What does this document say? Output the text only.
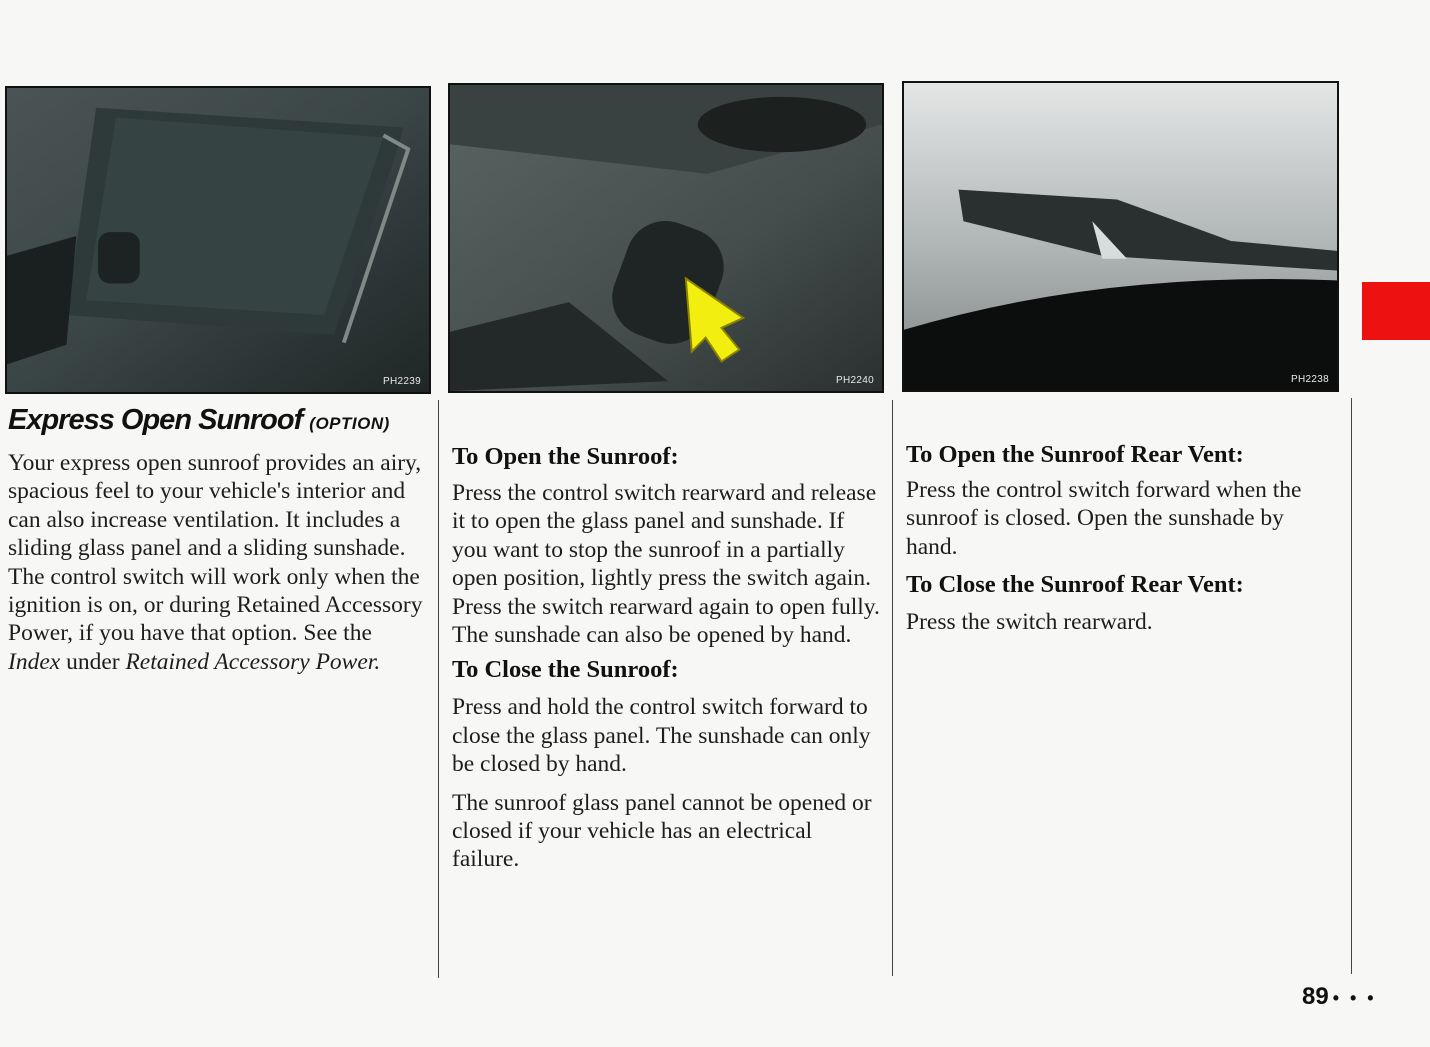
PH2239	PH2240	PH2238
Express Open Sunroof (OPTION)

Your express open sunroof provides an airy, spacious feel to your vehicle's interior and can also increase ventilation. It includes a sliding glass panel and a sliding sunshade. The control switch will work only when the ignition is on, or during Retained Accessory Power, if you have that option. See the Index under Retained Accessory Power.

To Open the Sunroof:

Press the control switch rearward and release it to open the glass panel and sunshade. If you want to stop the sunroof in a partially open position, lightly press the switch again. Press the switch rearward again to open fully. The sunshade can also be opened by hand.

To Close the Sunroof:

Press and hold the control switch forward to close the glass panel. The sunshade can only be closed by hand.

The sunroof glass panel cannot be opened or closed if your vehicle has an electrical failure.

To Open the Sunroof Rear Vent:

Press the control switch forward when the sunroof is closed. Open the sunshade by hand.

To Close the Sunroof Rear Vent:

Press the switch rearward.

89 • • •
